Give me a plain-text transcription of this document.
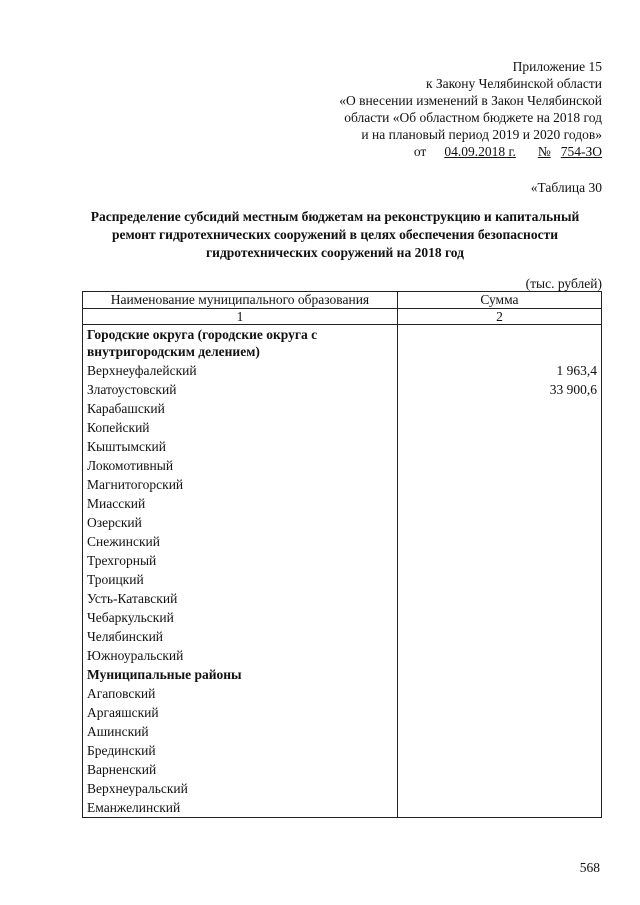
Приложение 15
к Закону Челябинской области
«О внесении изменений в Закон Челябинской
области «Об областном бюджете на 2018 год
и на плановый период 2019 и 2020 годов»
от 04.09.2018 г. № 754-ЗО
«Таблица 30
Распределение субсидий местным бюджетам на реконструкцию и капитальный ремонт гидротехнических сооружений в целях обеспечения безопасности гидротехнических сооружений на 2018 год
(тыс. рублей)
Наименование муниципального образования	Сумма
1	2
Городские округа (городские округа с внутригородским делением)	
Верхнеуфалейский	1 963,4
Златоустовский	33 900,6
Карабашский	
Копейский	
Кыштымский	
Локомотивный	
Магнитогорский	
Миасский	
Озерский	
Снежинский	
Трехгорный	
Троицкий	
Усть-Катавский	
Чебаркульский	
Челябинский	
Южноуральский	
Муниципальные районы	
Агаповский	
Аргаяшский	
Ашинский	
Брединский	
Варненский	
Верхнеуральский	
Еманжелинский	
568
